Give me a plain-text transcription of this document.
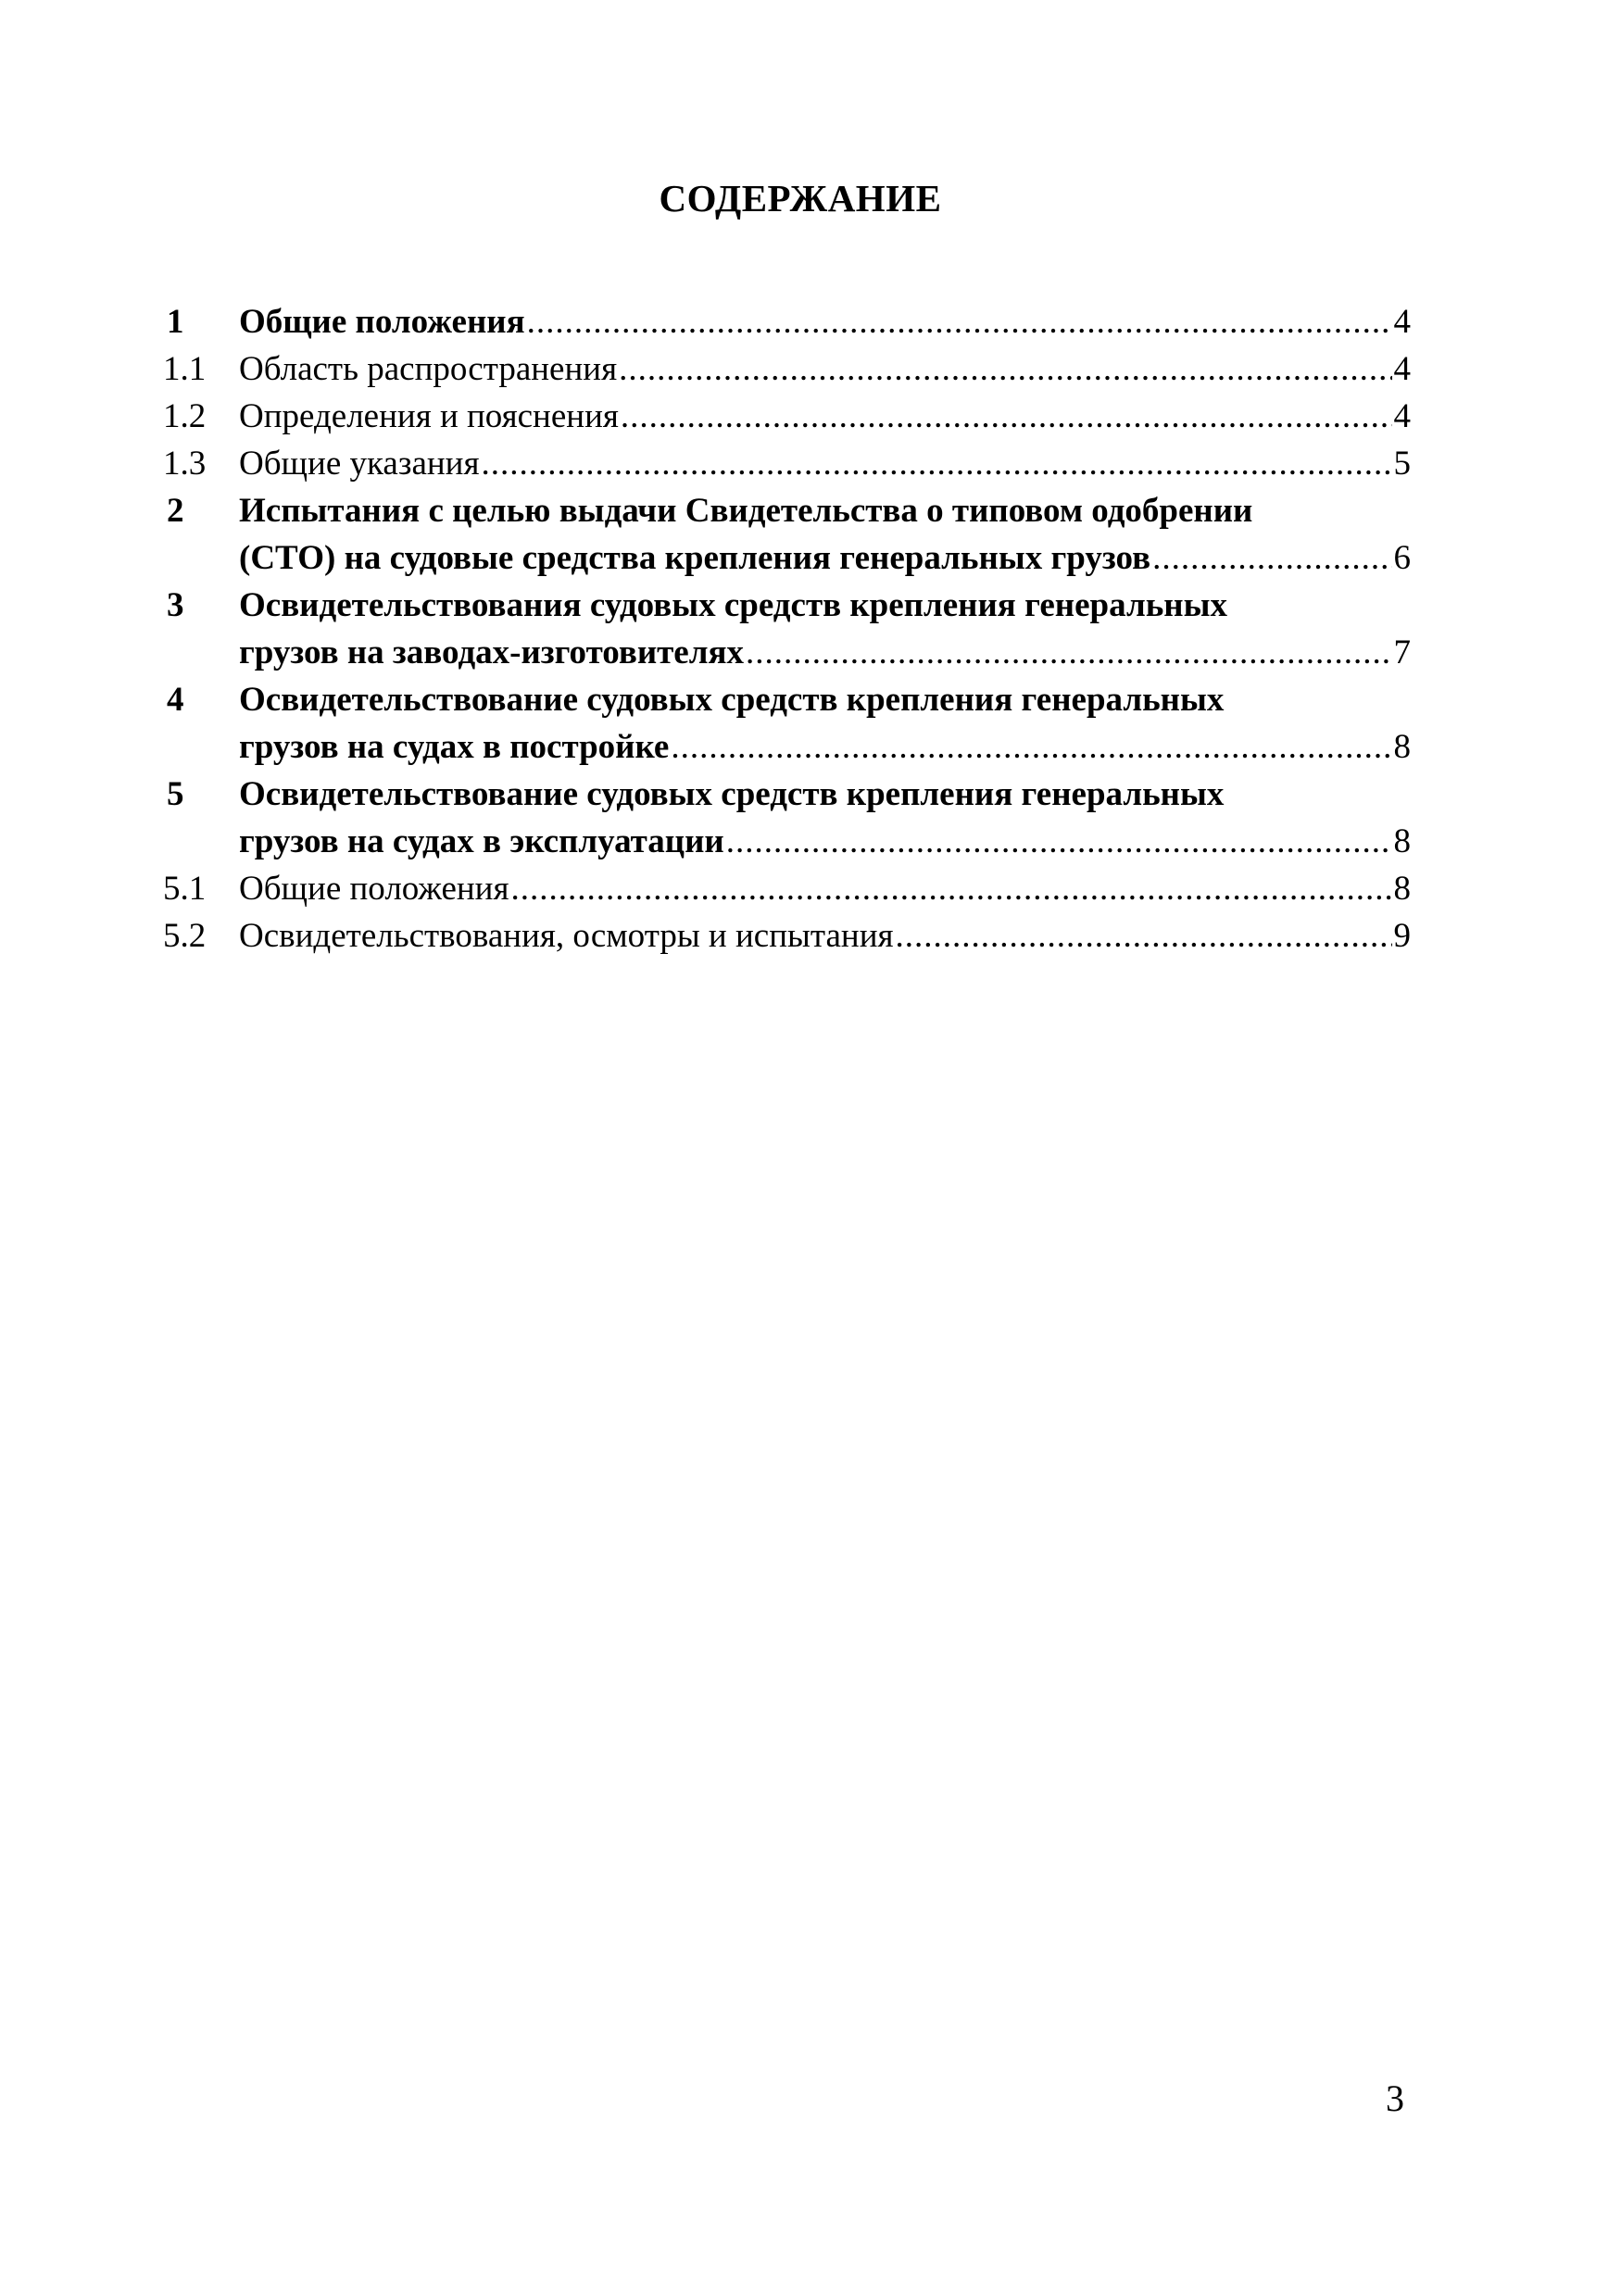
СОДЕРЖАНИЕ
1	Общие положения .....	4
1.1 Область распространения .....	4
1.2 Определения и пояснения .....	4
1.3 Общие указания .....	5
2	Испытания с целью выдачи Свидетельства о типовом одобрении
(СТО) на судовые средства крепления генеральных грузов .....	6
3	Освидетельствования судовых средств крепления генеральных
грузов на заводах-изготовителях .....	7
4	Освидетельствование судовых средств крепления генеральных
грузов на судах в постройке .....	8
5	Освидетельствование судовых средств крепления генеральных
грузов на судах в эксплуатации .....	8
5.1 Общие положения .....	8
5.2 Освидетельствования, осмотры и испытания .....	9
3
